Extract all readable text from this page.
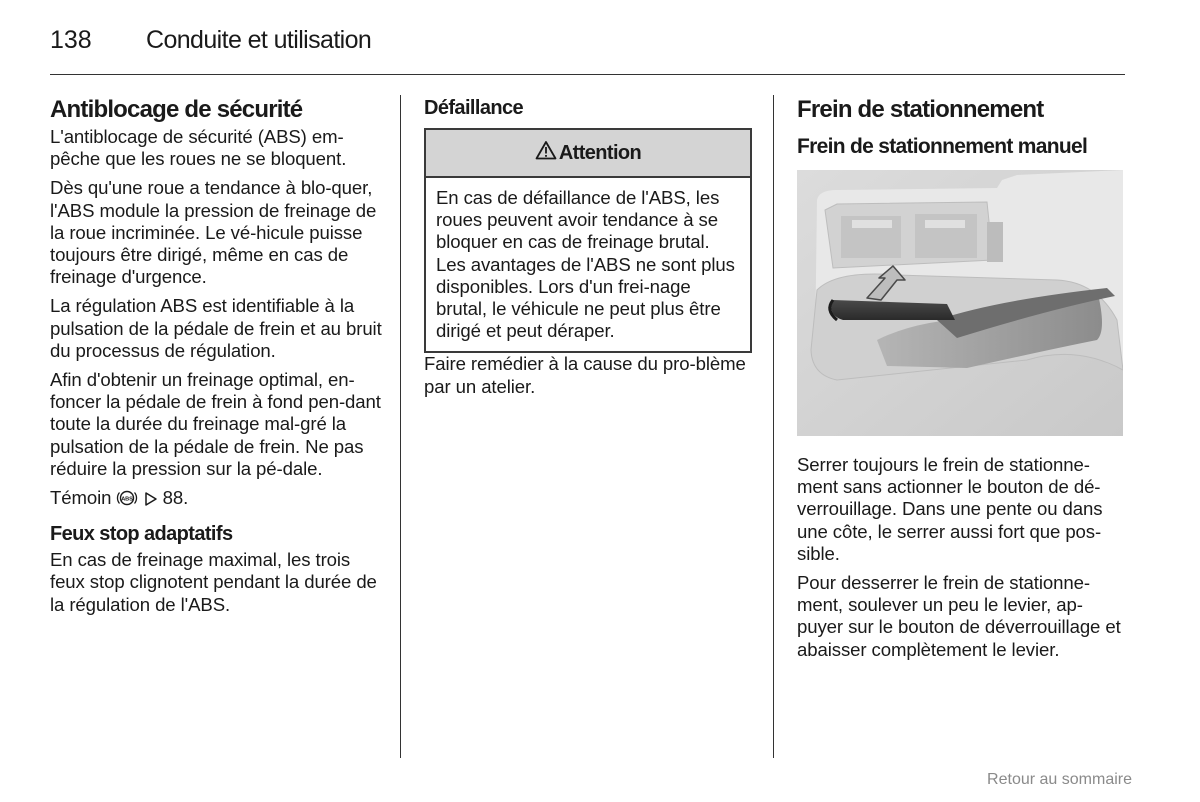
138 Conduite et utilisation
Antiblocage de sécurité

L'antiblocage de sécurité (ABS) em-pêche que les roues ne se bloquent.

Dès qu'une roue a tendance à blo-quer, l'ABS module la pression de freinage de la roue incriminée. Le vé-hicule puisse toujours être dirigé, même en cas de freinage d'urgence.

La régulation ABS est identifiable à la pulsation de la pédale de frein et au bruit du processus de régulation.

Afin d'obtenir un freinage optimal, en-foncer la pédale de frein à fond pen-dant toute la durée du freinage mal-gré la pulsation de la pédale de frein. Ne pas réduire la pression sur la pé-dale.

Témoin ABS 88.

Feux stop adaptatifs

En cas de freinage maximal, les trois feux stop clignotent pendant la durée de la régulation de l'ABS.

Défaillance
Attention
En cas de défaillance de l'ABS, les roues peuvent avoir tendance à se bloquer en cas de freinage brutal. Les avantages de l'ABS ne sont plus disponibles. Lors d'un frei-nage brutal, le véhicule ne peut plus être dirigé et peut déraper.

Faire remédier à la cause du pro-blème par un atelier.

Frein de stationnement
Frein de stationnement manuel

Serrer toujours le frein de stationne-ment sans actionner le bouton de dé-verrouillage. Dans une pente ou dans une côte, le serrer aussi fort que pos-sible.

Pour desserrer le frein de stationne-ment, soulever un peu le levier, ap-puyer sur le bouton de déverrouillage et abaisser complètement le levier.

Retour au sommaire
